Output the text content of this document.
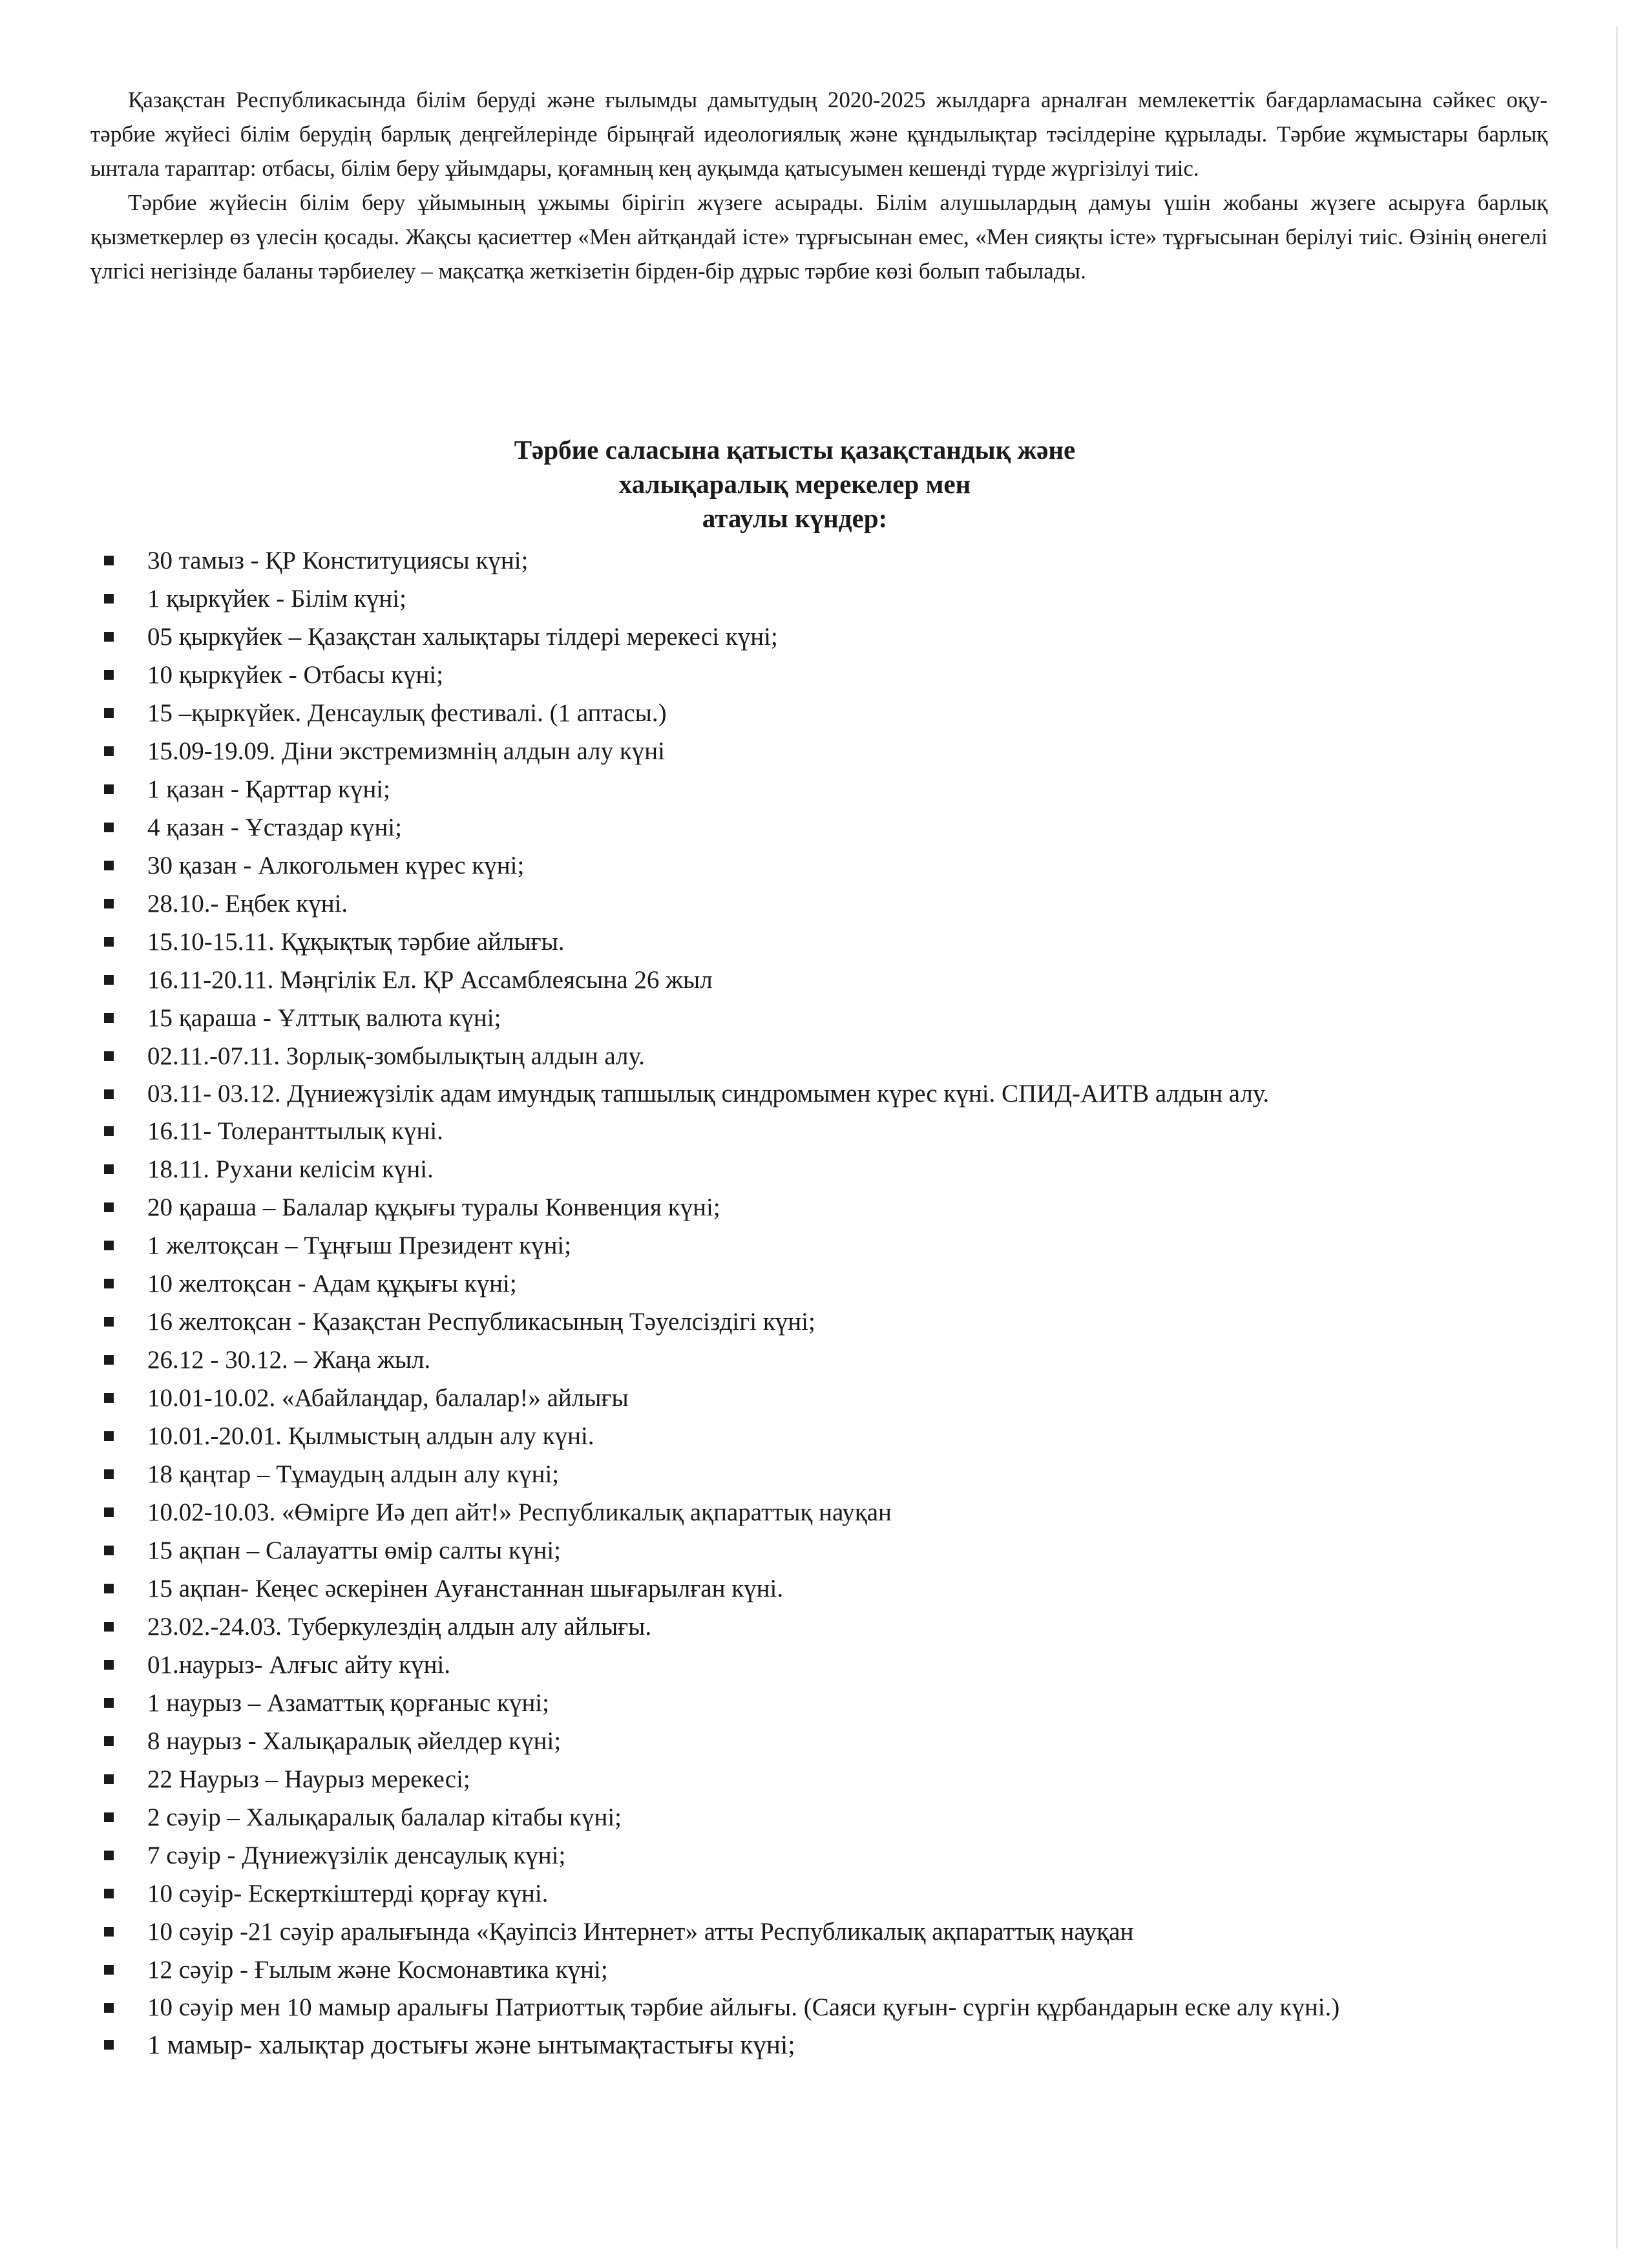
Қазақстан Республикасында білім беруді және ғылымды дамытудың 2020-2025 жылдарға арналған мемлекеттік бағдарламасына сәйкес оқу-тәрбие жүйесі білім берудің барлық деңгейлерінде бірыңғай идеологиялық және құндылықтар тәсілдеріне құрылады. Тәрбие жұмыстары барлық ынтала тараптар: отбасы, білім беру ұйымдары, қоғамның кең ауқымда қатысуымен кешенді түрде жүргізілуі тиіс.

Тәрбие жүйесін білім беру ұйымының ұжымы бірігіп жүзеге асырады. Білім алушылардың дамуы үшін жобаны жүзеге асыруға барлық қызметкерлер өз үлесін қосады. Жақсы қасиеттер «Мен айтқандай істе» тұрғысынан емес, «Мен сияқты істе» тұрғысынан берілуі тиіс. Өзінің өнегелі үлгісі негізінде баланы тәрбиелеу – мақсатқа жеткізетін бірден-бір дұрыс тәрбие көзі болып табылады.

Тәрбие саласына қатысты қазақстандық және
халықаралық мерекелер мен
атаулы күндер:
30 тамыз - ҚР Конституциясы күні;
1 қыркүйек - Білім күні;
05 қыркүйек – Қазақстан халықтары тілдері мерекесі күні;
10 қыркүйек - Отбасы күні;
15 –қыркүйек. Денсаулық фестивалі. (1 аптасы.)
15.09-19.09. Діни экстремизмнің алдын алу күні
1 қазан - Қарттар күні;
4 қазан - Ұстаздар күні;
30 қазан - Алкогольмен күрес күні;
28.10.- Еңбек күні.
15.10-15.11. Құқықтық тәрбие айлығы.
16.11-20.11. Мәңгілік Ел. ҚР Ассамблеясына 26 жыл
15 қараша - Ұлттық валюта күні;
02.11.-07.11. Зорлық-зомбылықтың алдын алу.
03.11- 03.12. Дүниежүзілік адам имундық тапшылық синдромымен күрес күні. СПИД-АИТВ алдын алу.
16.11- Толеранттылық күні.
18.11. Рухани келісім күні.
20 қараша – Балалар құқығы туралы Конвенция күні;
1 желтоқсан – Тұңғыш Президент күні;
10 желтоқсан - Адам құқығы күні;
16 желтоқсан - Қазақстан Республикасының Тәуелсіздігі күні;
26.12 - 30.12. – Жаңа жыл.
10.01-10.02. «Абайлаңдар, балалар!» айлығы
10.01.-20.01. Қылмыстың алдын алу күні.
18 қаңтар – Тұмаудың алдын алу күні;
10.02-10.03. «Өмірге Иә деп айт!» Республикалық ақпараттық науқан
15 ақпан – Салауатты өмір салты күні;
15 ақпан- Кеңес әскерінен Ауғанстаннан шығарылған күні.
23.02.-24.03. Туберкулездің алдын алу айлығы.
01.наурыз- Алғыс айту күні.
1 наурыз – Азаматтық қорғаныс күні;
8 наурыз - Халықаралық әйелдер күні;
22 Наурыз – Наурыз мерекесі;
2 сәуір – Халықаралық балалар кітабы күні;
7 сәуір - Дүниежүзілік денсаулық күні;
10 сәуір- Ескерткіштерді қорғау күні.
10 сәуір -21 сәуір аралығында «Қауіпсіз Интернет» атты Республикалық ақпараттық науқан
12 сәуір - Ғылым және Космонавтика күні;
10 сәуір мен 10 мамыр аралығы Патриоттық тәрбие айлығы. (Саяси қуғын- сүргін құрбандарын еске алу күні.)
1 мамыр- халықтар достығы және ынтымақтастығы күні;
